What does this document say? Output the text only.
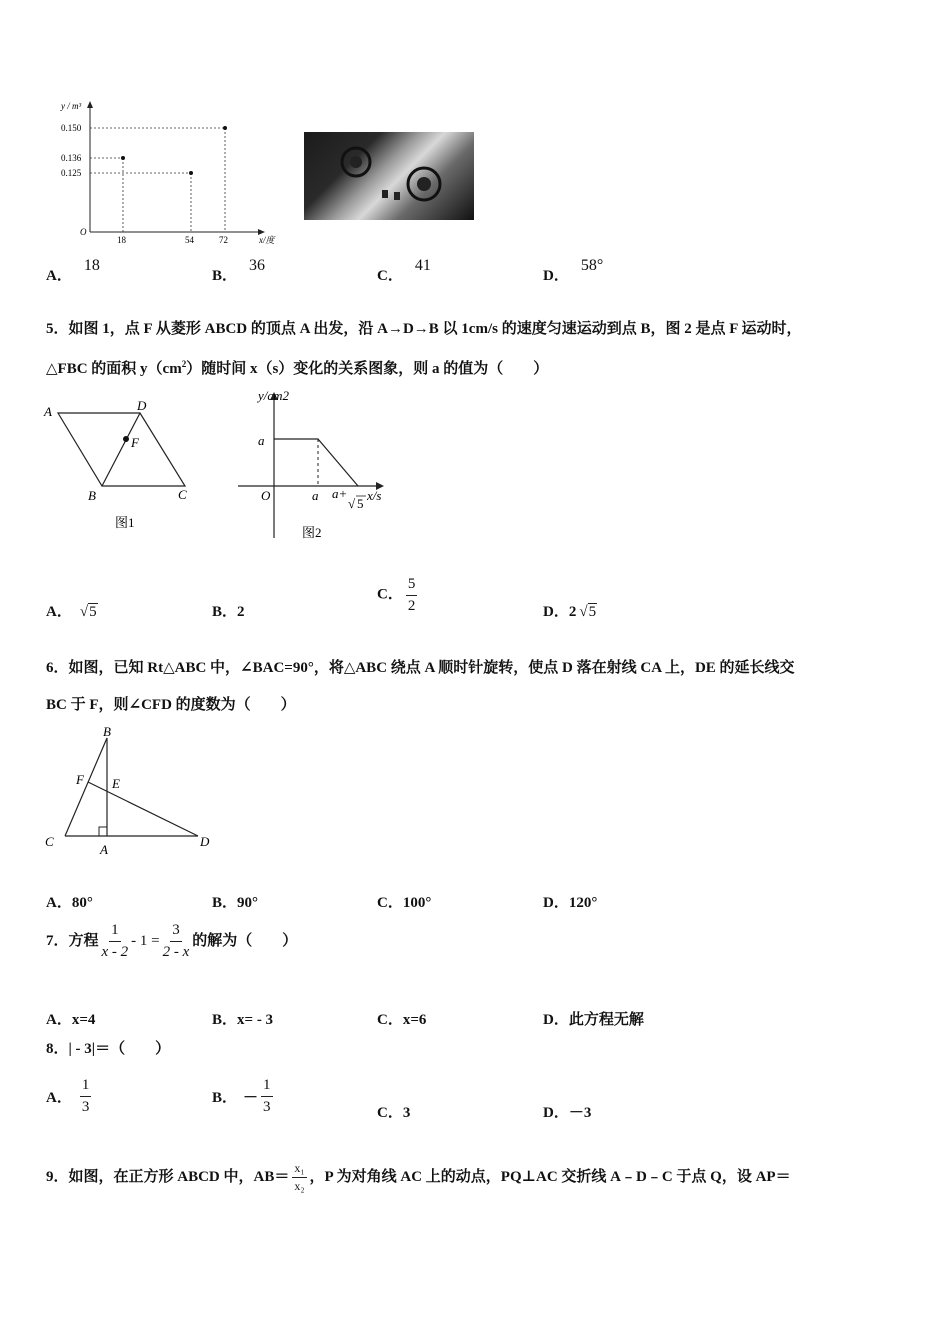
y / m³
0.150
0.136
0.125
O
18	54	72	x/度
A．18
B．36
C．41
D．58°
5．如图 1，点 F 从菱形 ABCD 的顶点 A 出发，沿 A→D→B 以 1cm/s 的速度匀速运动到点 B，图 2 是点 F 运动时，
△FBC 的面积 $y(cm^2)$随时间 x（s）变化的关系图象，则 a 的值为（　　）
A	D
F
B	C
图1
y/cm2
a
O	a a+
√ 5
x/s
图2
A． √5	B．2
C． $\frac{5}{2}$	D．2 √5
6．如图，已知 Rt△ABC 中，∠BAC=90°，将△ABC 绕点 A 顺时针旋转，使点 D 落在射线 CA 上，DE 的延长线交
BC 于 F，则∠CFD 的度数为（　　）
B
F E
C
A
D
A．80°	B．90°	C．100°	D．120°
7．方程 $\frac{1}{x - 2} - 1 = \frac{3}{2 - x}$ 的解为（　　）
A．x=4	B．x= - 3	C．x=6	D．此方程无解
8．| - 3|＝（　　）
A． $\frac{1}{3}$	B． － $\frac{1}{3}$	C．3	D．－3
9．如图，在正方形 ABCD 中，$AB= \frac{\text{x₁}}{\text{x₂}}$ ，P 为对角线 AC 上的动点，PQ⊥AC 交折线 A﹣D﹣C 于点 Q，设 AP＝
